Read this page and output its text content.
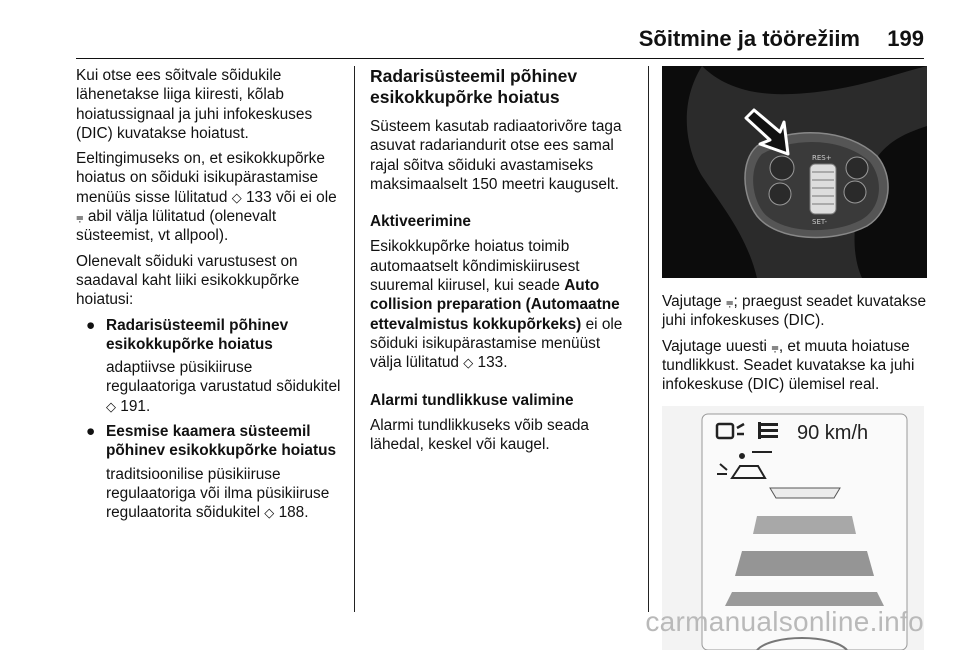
Sõitmine ja töörežiim 199

Kui otse ees sõitvale sõidukile lähenetakse liiga kiiresti, kõlab hoiatussignaal ja juhi infokeskuses (DIC) kuvatakse hoiatust.

Eeltingimuseks on, et esikokkupõrke hoiatus on sõiduki isikupärastamise menüüs sisse lülitatud ◇ 133 või ei ole ⩦ abil välja lülitatud (olenevalt süsteemist, vt allpool).

Olenevalt sõiduki varustusest on saadaval kaht liiki esikokkupõrke hoiatusi:

● Radarisüsteemil põhinev esikokkupõrke hoiatus

adaptiivse püsikiiruse regulaatoriga varustatud sõidukitel ◇ 191.

● Eesmise kaamera süsteemil põhinev esikokkupõrke hoiatus

traditsioonilise püsikiiruse regulaatoriga või ilma püsikiiruse regulaatorita sõidukitel ◇ 188.

Radarisüsteemil põhinev esikokkupõrke hoiatus

Süsteem kasutab radiaatorivõre taga asuvat radariandurit otse ees samal rajal sõitva sõiduki avastamiseks maksimaalselt 150 meetri kauguselt.

Aktiveerimine

Esikokkupõrke hoiatus toimib automaatselt kõndimiskiirusest suuremal kiirusel, kui seade Auto collision preparation (Automaatne ettevalmistus kokkupõrkeks) ei ole sõiduki isikupärastamise menüüst välja lülitatud ◇ 133.

Alarmi tundlikkuse valimine

Alarmi tundlikkuseks võib seada lähedal, keskel või kaugel.

RES+
SET-

Vajutage ⩦; praegust seadet kuvatakse juhi infokeskuses (DIC).

Vajutage uuesti ⩦, et muuta hoiatuse tundlikkust. Seadet kuvatakse ka juhi infokeskuse (DIC) ülemisel real.

90 km/h
carmanualsonline.info
